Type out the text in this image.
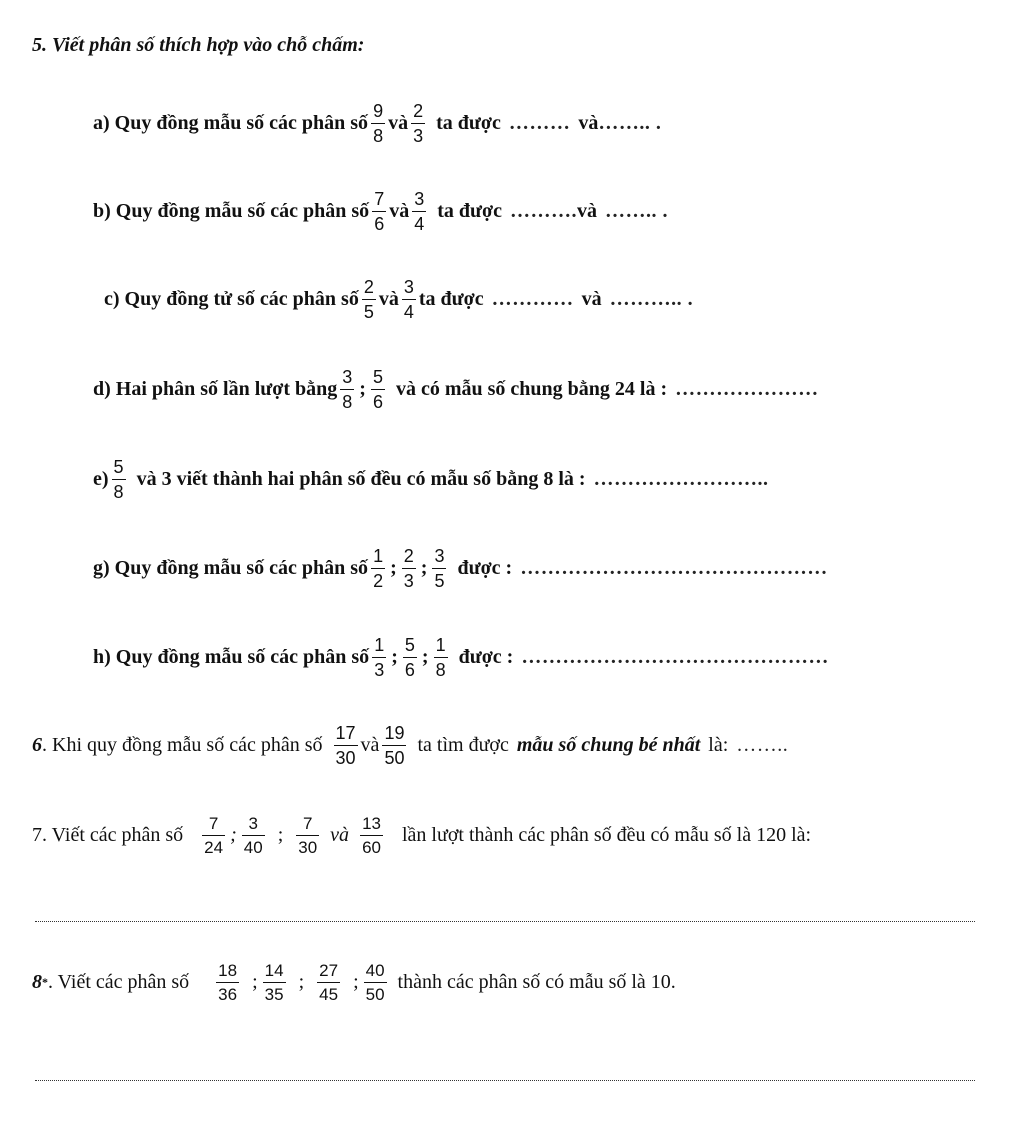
5. Viết phân số thích hợp vào chỗ chấm:
a) Quy đồng mẫu số các phân số $\frac{9}{8}$ và $\frac{2}{3}$ ta được ……… và …….. .
b) Quy đồng mẫu số các phân số $\frac{7}{6}$ và $\frac{3}{4}$ ta được ………. và …….. .
c) Quy đồng tử số các phân số $\frac{2}{5}$ và $\frac{3}{4}$ ta được ………… và ……….. .
d) Hai phân số lần lượt bằng $\frac{3}{8}$ ; $\frac{5}{6}$ và có mẫu số chung bằng 24 là : …………………
$e) \frac{5}{8}$ và 3 viết thành hai phân số đều có mẫu số bằng 8 là : ……………………..
g) Quy đồng mẫu số các phân số $\frac{1}{2}$ ; $\frac{2}{3}$ ; $\frac{3}{5}$ được : ………………………………………
h) Quy đồng mẫu số các phân số $\frac{1}{3}$ ; $\frac{5}{6}$ ; $\frac{1}{8}$ được : ………………………………………
6 . Khi quy đồng mẫu số các phân số $\frac{17}{30}$ và $\frac{19}{50}$ ta tìm được mẫu số chung bé nhất là: ……..
7. Viết các phân số $\frac{7}{24}$ ; $\frac{3}{40}$ ; $\frac{7}{30}$ và $\frac{13}{60}$ lần lượt thành các phân số đều có mẫu số là 120 là:
8 * . Viết các phân số $\frac{18}{36}$ ; $\frac{14}{35}$ ; $\frac{27}{45}$ ; $\frac{40}{50}$ thành các phân số có mẫu số là 10.
